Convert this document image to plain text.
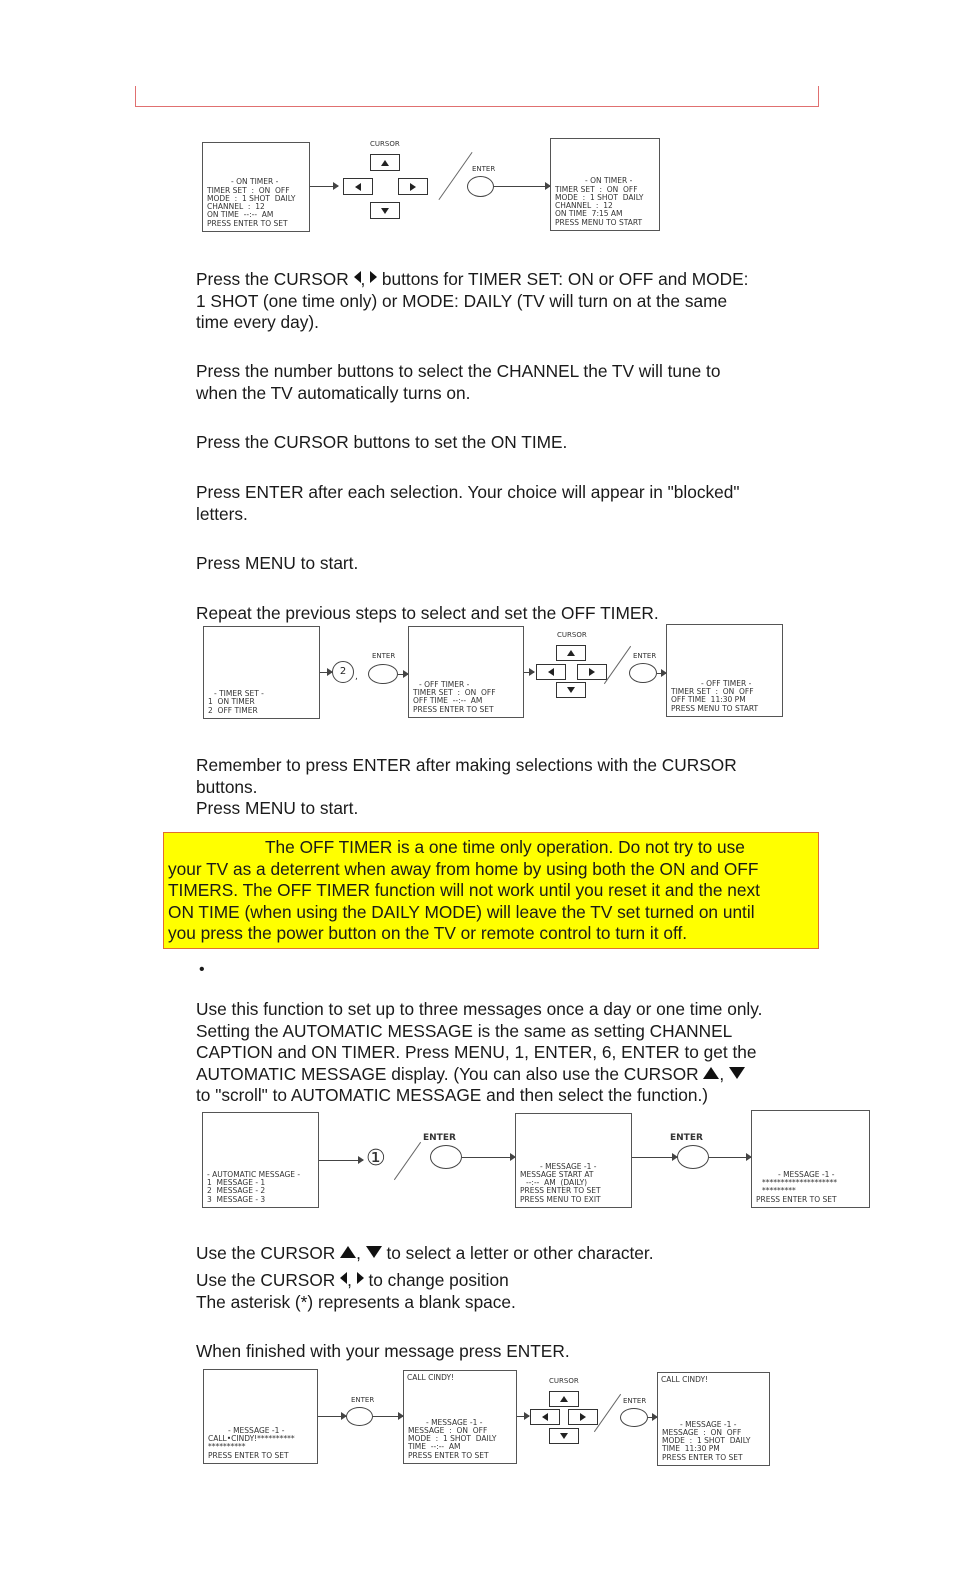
- ON TIMER -
TIMER SET  :  ON  OFF
MODE  :  1 SHOT  DAILY
CHANNEL  :  12
ON TIME  --:--  AM
PRESS ENTER TO SET
CURSOR
ENTER
- ON TIMER -
TIMER SET  :  ON  OFF
MODE  :  1 SHOT  DAILY
CHANNEL  :  12
ON TIME  7:15 AM
PRESS MENU TO START
Press the CURSOR ,  buttons for TIMER SET: ON or OFF and MODE:
1 SHOT (one time only) or MODE: DAILY (TV will turn on at the same
time every day).
Press the number buttons to select the CHANNEL the TV will tune to
when the TV automatically turns on.
Press the CURSOR buttons to set the ON TIME.
Press ENTER after each selection. Your choice will appear in "blocked"
letters.
Press MENU to start.
Repeat the previous steps to select and set the OFF TIMER.
- TIMER SET -
1  ON TIMER
2  OFF TIMER
2 ,
ENTER
- OFF TIMER -
TIMER SET  :  ON  OFF
OFF TIME  --:--  AM
PRESS ENTER TO SET
CURSOR
ENTER
- OFF TIMER -
TIMER SET  :  ON  OFF
OFF TIME  11:30 PM
PRESS MENU TO START
Remember to press ENTER after making selections with the CURSOR
buttons.
Press MENU to start.
The OFF TIMER is a one time only operation. Do not try to use
your TV as a deterrent when away from home by using both the ON and OFF
TIMERS. The OFF TIMER function will not work until you reset it and the next
ON TIME (when using the DAILY MODE) will leave the TV set turned on until
you press the power button on the TV or remote control to turn it off.
•
Use this function to set up to three messages once a day or one time only.
Setting the AUTOMATIC MESSAGE is the same as setting CHANNEL
CAPTION and ON TIMER. Press MENU, 1, ENTER, 6, ENTER to get the
AUTOMATIC MESSAGE display. (You can also use the CURSOR ,
to "scroll" to AUTOMATIC MESSAGE and then select the function.)
- AUTOMATIC MESSAGE -
1  MESSAGE - 1
2  MESSAGE - 2
3  MESSAGE - 3
①
ENTER
- MESSAGE -1 -
MESSAGE START AT
--:--  AM  (DAILY)
PRESS ENTER TO SET
PRESS MENU TO EXIT
ENTER
- MESSAGE -1 -
********************
*********
PRESS ENTER TO SET
Use the CURSOR ,  to select a letter or other character.
Use the CURSOR ,  to change position
The asterisk (*) represents a blank space.
When finished with your message press ENTER.
- MESSAGE -1 -
CALL•CINDY!**********
**********
PRESS ENTER TO SET
ENTER
CALL CINDY!
- MESSAGE -1 -
MESSAGE  :  ON  OFF
MODE  :  1 SHOT  DAILY
TIME  --:--  AM
PRESS ENTER TO SET
CURSOR
ENTER
CALL CINDY!
- MESSAGE -1 -
MESSAGE  :  ON  OFF
MODE  :  1 SHOT  DAILY
TIME  11:30 PM
PRESS ENTER TO SET
